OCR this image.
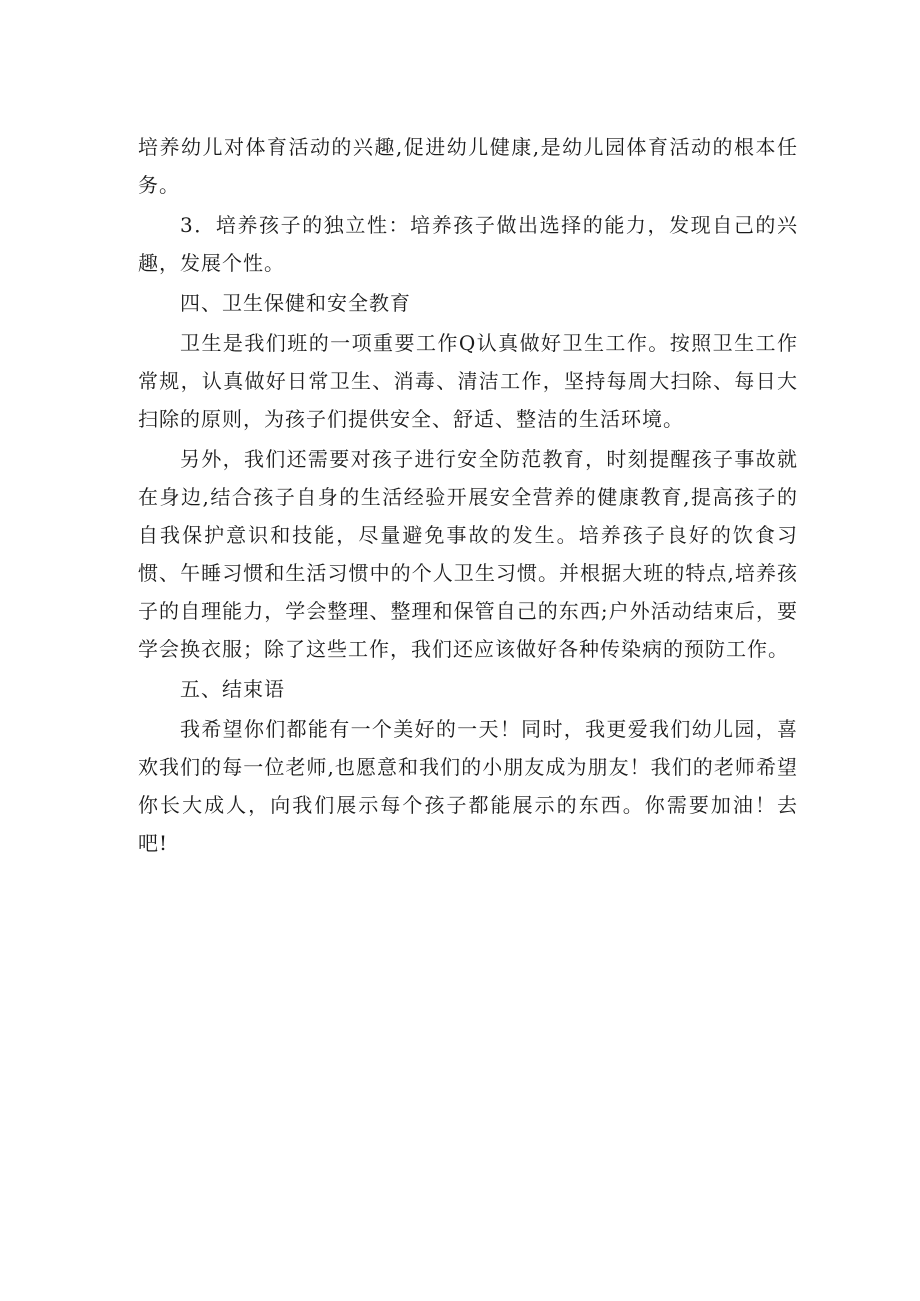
培养幼儿对体育活动的兴趣,促进幼儿健康,是幼儿园体育活动的根本任务。

3．培养孩子的独立性：培养孩子做出选择的能力，发现自己的兴趣，发展个性。

四、卫生保健和安全教育

卫生是我们班的一项重要工作Q认真做好卫生工作。按照卫生工作常规，认真做好日常卫生、消毒、清洁工作，坚持每周大扫除、每日大扫除的原则，为孩子们提供安全、舒适、整洁的生活环境。

另外，我们还需要对孩子进行安全防范教育，时刻提醒孩子事故就在身边,结合孩子自身的生活经验开展安全营养的健康教育,提高孩子的自我保护意识和技能，尽量避免事故的发生。培养孩子良好的饮食习惯、午睡习惯和生活习惯中的个人卫生习惯。并根据大班的特点,培养孩子的自理能力，学会整理、整理和保管自己的东西;户外活动结束后，要学会换衣服；除了这些工作，我们还应该做好各种传染病的预防工作。

五、结束语

我希望你们都能有一个美好的一天！同时，我更爱我们幼儿园，喜欢我们的每一位老师,也愿意和我们的小朋友成为朋友！我们的老师希望你长大成人，向我们展示每个孩子都能展示的东西。你需要加油！去吧!
